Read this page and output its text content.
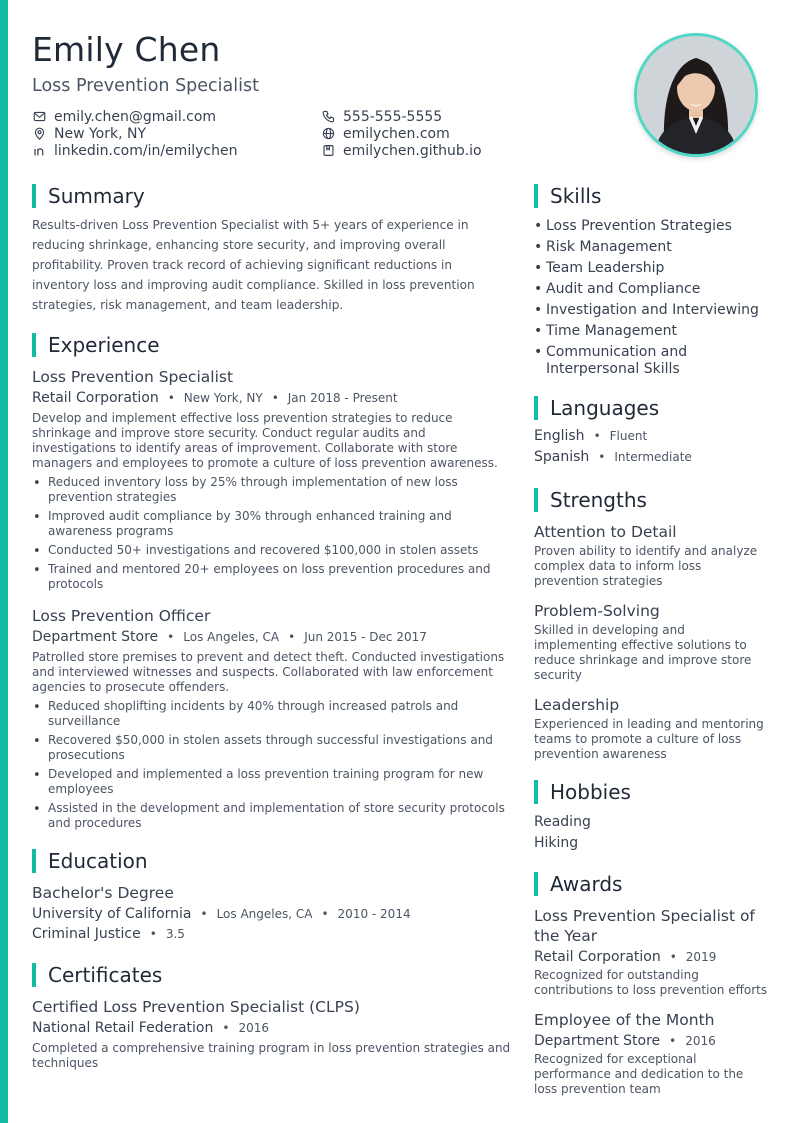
Emily Chen
Loss Prevention Specialist
emily.chen@gmail.com
New York, NY
linkedin.com/in/emilychen
555-555-5555
emilychen.com
emilychen.github.io
Summary
Results-driven Loss Prevention Specialist with 5+ years of experience in reducing shrinkage, enhancing store security, and improving overall profitability. Proven track record of achieving significant reductions in inventory loss and improving audit compliance. Skilled in loss prevention strategies, risk management, and team leadership.
Experience
Loss Prevention Specialist
Retail Corporation • New York, NY • Jan 2018 - Present
Develop and implement effective loss prevention strategies to reduce shrinkage and improve store security. Conduct regular audits and investigations to identify areas of improvement. Collaborate with store managers and employees to promote a culture of loss prevention awareness.
• Reduced inventory loss by 25% through implementation of new loss prevention strategies
• Improved audit compliance by 30% through enhanced training and awareness programs
• Conducted 50+ investigations and recovered $100,000 in stolen assets
• Trained and mentored 20+ employees on loss prevention procedures and protocols
Loss Prevention Officer
Department Store • Los Angeles, CA • Jun 2015 - Dec 2017
Patrolled store premises to prevent and detect theft. Conducted investigations and interviewed witnesses and suspects. Collaborated with law enforcement agencies to prosecute offenders.
• Reduced shoplifting incidents by 40% through increased patrols and surveillance
• Recovered $50,000 in stolen assets through successful investigations and prosecutions
• Developed and implemented a loss prevention training program for new employees
• Assisted in the development and implementation of store security protocols and procedures
Education
Bachelor's Degree
University of California • Los Angeles, CA • 2010 - 2014
Criminal Justice • 3.5
Certificates
Certified Loss Prevention Specialist (CLPS)
National Retail Federation • 2016
Completed a comprehensive training program in loss prevention strategies and techniques
Skills
• Loss Prevention Strategies
• Risk Management
• Team Leadership
• Audit and Compliance
• Investigation and Interviewing
• Time Management
• Communication and Interpersonal Skills
Languages
English • Fluent
Spanish • Intermediate
Strengths
Attention to Detail
Proven ability to identify and analyze complex data to inform loss prevention strategies
Problem-Solving
Skilled in developing and implementing effective solutions to reduce shrinkage and improve store security
Leadership
Experienced in leading and mentoring teams to promote a culture of loss prevention awareness
Hobbies
Reading
Hiking
Awards
Loss Prevention Specialist of the Year
Retail Corporation • 2019
Recognized for outstanding contributions to loss prevention efforts
Employee of the Month
Department Store • 2016
Recognized for exceptional performance and dedication to the loss prevention team
